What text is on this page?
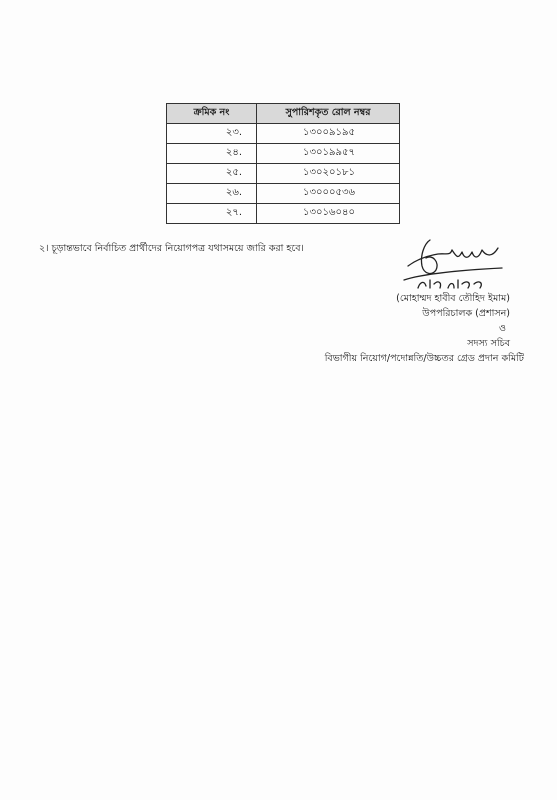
ক্রমিক নং	সুপারিশকৃত রোল নম্বর
২৩.	১৩০০৯১৯৫
২৪.	১৩০১৯৯৫৭
২৫.	১৩০২০১৮১
২৬.	১৩০০০৫৩৬
২৭.	১৩০১৬০৪০
২। চূড়ান্তভাবে নির্বাচিত প্রার্থীদের নিয়োগপত্র যথাসময়ে জারি করা হবে।
(মোহাম্মদ হাবীব তৌহিদ ইমাম)
উপপরিচালক (প্রশাসন)
ও
সদস্য সচিব
বিভাগীয় নিয়োগ/পদোন্নতি/উচ্চতর গ্রেড প্রদান কমিটি
